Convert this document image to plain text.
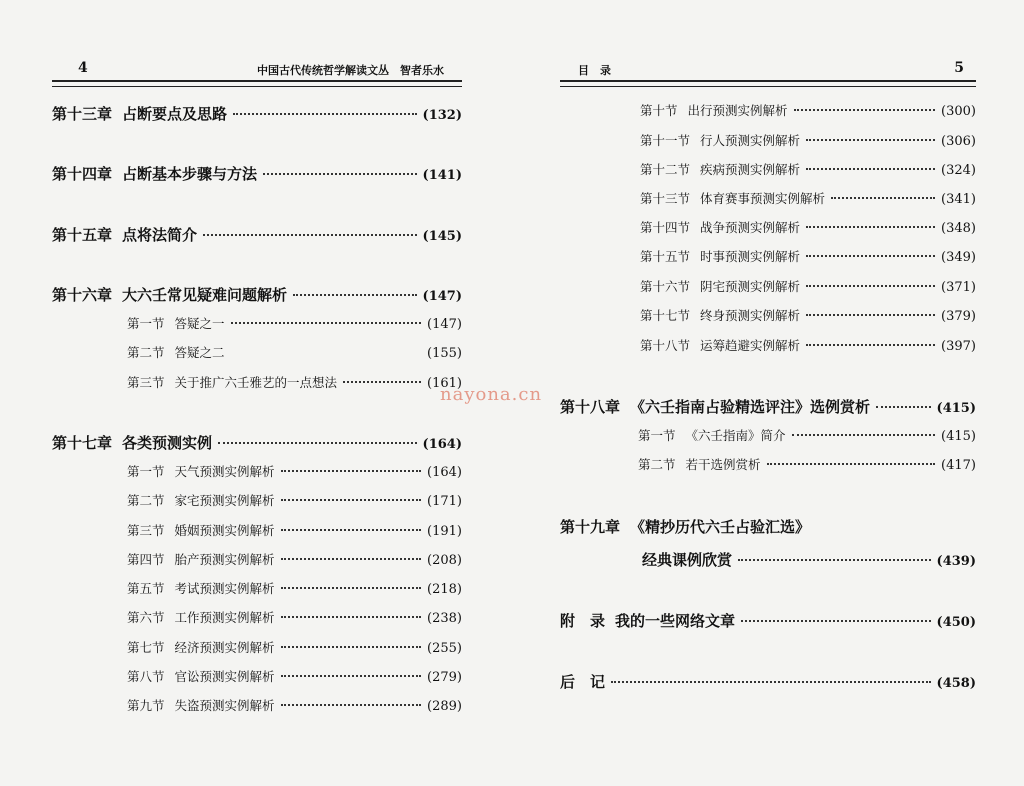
4	中国古代传统哲学解读文丛　智者乐水
第十三章 占断要点及思路	(132)
第十四章 占断基本步骤与方法	(141)
第十五章 点将法简介	(145)
第十六章 大六壬常见疑难问题解析	(147)
第一节 答疑之一	(147)
第二节 答疑之二	(155)
第三节 关于推广六壬雅艺的一点想法	(161)
第十七章 各类预测实例	(164)
第一节 天气预测实例解析	(164)
第二节 家宅预测实例解析	(171)
第三节 婚姻预测实例解析	(191)
第四节 胎产预测实例解析	(208)
第五节 考试预测实例解析	(218)
第六节 工作预测实例解析	(238)
第七节 经济预测实例解析	(255)
第八节 官讼预测实例解析	(279)
第九节 失盗预测实例解析	(289)
目　录	5
第十节 出行预测实例解析	(300)
第十一节 行人预测实例解析	(306)
第十二节 疾病预测实例解析	(324)
第十三节 体育赛事预测实例解析	(341)
第十四节 战争预测实例解析	(348)
第十五节 时事预测实例解析	(349)
第十六节 阴宅预测实例解析	(371)
第十七节 终身预测实例解析	(379)
第十八节 运筹趋避实例解析	(397)
第十八章 《六壬指南占验精选评注》选例赏析	(415)
第一节 《六壬指南》简介	(415)
第二节 若干选例赏析	(417)
第十九章 《精抄历代六壬占验汇选》
经典课例欣赏	(439)
附　录 我的一些网络文章	(450)
后　记	(458)
nayona.cn
